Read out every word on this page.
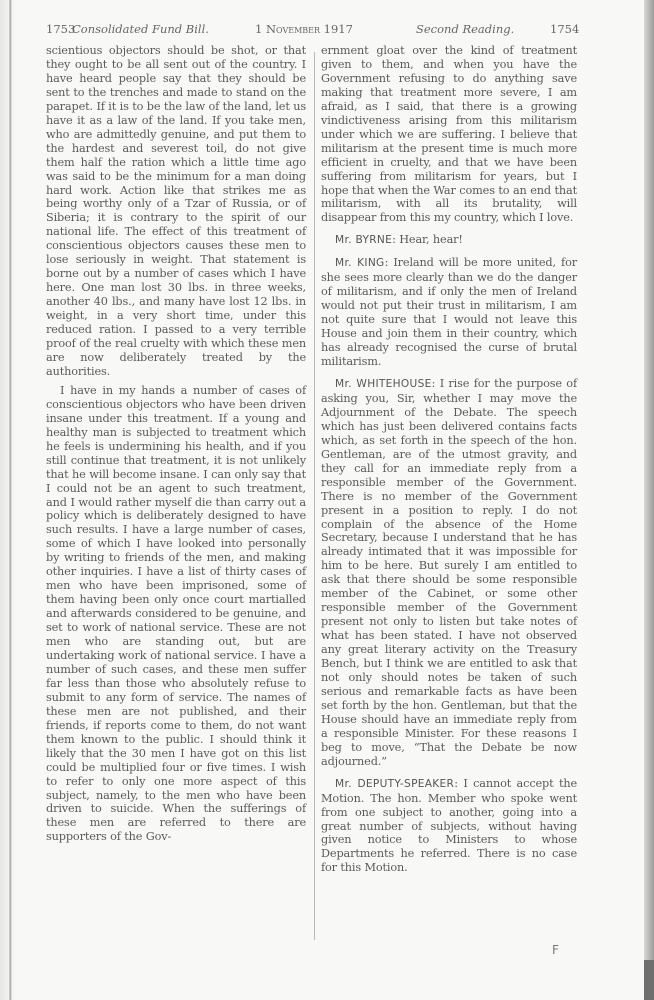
1753
Consolidated Fund Bill.	1 November 1917	Second Reading.	1754

scientious objectors should be shot, or that they ought to be all sent out of the country. I have heard people say that they should be sent to the trenches and made to stand on the parapet. If it is to be the law of the land, let us have it as a law of the land. If you take men, who are admittedly genuine, and put them to the hardest and severest toil, do not give them half the ration which a little time ago was said to be the minimum for a man doing hard work. Action like that strikes me as being worthy only of a Tzar of Russia, or of Siberia; it is contrary to the spirit of our national life. The effect of this treatment of conscientious objectors causes these men to lose seriously in weight. That statement is borne out by a number of cases which I have here. One man lost 30 lbs. in three weeks, another 40 lbs., and many have lost 12 lbs. in weight, in a very short time, under this reduced ration. I passed to a very terrible proof of the real cruelty with which these men are now deliberately treated by the authorities.

I have in my hands a number of cases of conscientious objectors who have been driven insane under this treatment. If a young and healthy man is subjected to treatment which he feels is undermining his health, and if you still continue that treatment, it is not unlikely that he will become insane. I can only say that I could not be an agent to such treatment, and I would rather myself die than carry out a policy which is deliberately designed to have such results. I have a large number of cases, some of which I have looked into personally by writing to friends of the men, and making other inquiries. I have a list of thirty cases of men who have been imprisoned, some of them having been only once court martialled and afterwards considered to be genuine, and set to work of national service. These are not men who are standing out, but are undertaking work of national service. I have a number of such cases, and these men suffer far less than those who absolutely refuse to submit to any form of service. The names of these men are not published, and their friends, if reports come to them, do not want them known to the public. I should think it likely that the 30 men I have got on this list could be multiplied four or five times. I wish to refer to only one more aspect of this subject, namely, to the men who have been driven to suicide. When the sufferings of these men are referred to there are supporters of the Gov-

ernment gloat over the kind of treatment given to them, and when you have the Government refusing to do anything save making that treatment more severe, I am afraid, as I said, that there is a growing vindictiveness arising from this militarism under which we are suffering. I believe that militarism at the present time is much more efficient in cruelty, and that we have been suffering from militarism for years, but I hope that when the War comes to an end that militarism, with all its brutality, will disappear from this my country, which I love.

Mr. BYRNE: Hear, hear!

Mr. KING: Ireland will be more united, for she sees more clearly than we do the danger of militarism, and if only the men of Ireland would not put their trust in militarism, I am not quite sure that I would not leave this House and join them in their country, which has already recognised the curse of brutal militarism.

Mr. WHITEHOUSE: I rise for the purpose of asking you, Sir, whether I may move the Adjournment of the Debate. The speech which has just been delivered contains facts which, as set forth in the speech of the hon. Gentleman, are of the utmost gravity, and they call for an immediate reply from a responsible member of the Government. There is no member of the Government present in a position to reply. I do not complain of the absence of the Home Secretary, because I understand that he has already intimated that it was impossible for him to be here. But surely I am entitled to ask that there should be some responsible member of the Cabinet, or some other responsible member of the Government present not only to listen but take notes of what has been stated. I have not observed any great literary activity on the Treasury Bench, but I think we are entitled to ask that not only should notes be taken of such serious and remarkable facts as have been set forth by the hon. Gentleman, but that the House should have an immediate reply from a responsible Minister. For these reasons I beg to move, “That the Debate be now adjourned.”

Mr. DEPUTY-SPEAKER: I cannot accept the Motion. The hon. Member who spoke went from one subject to another, going into a great number of subjects, without having given notice to Ministers to whose Departments he referred. There is no case for this Motion.

F
